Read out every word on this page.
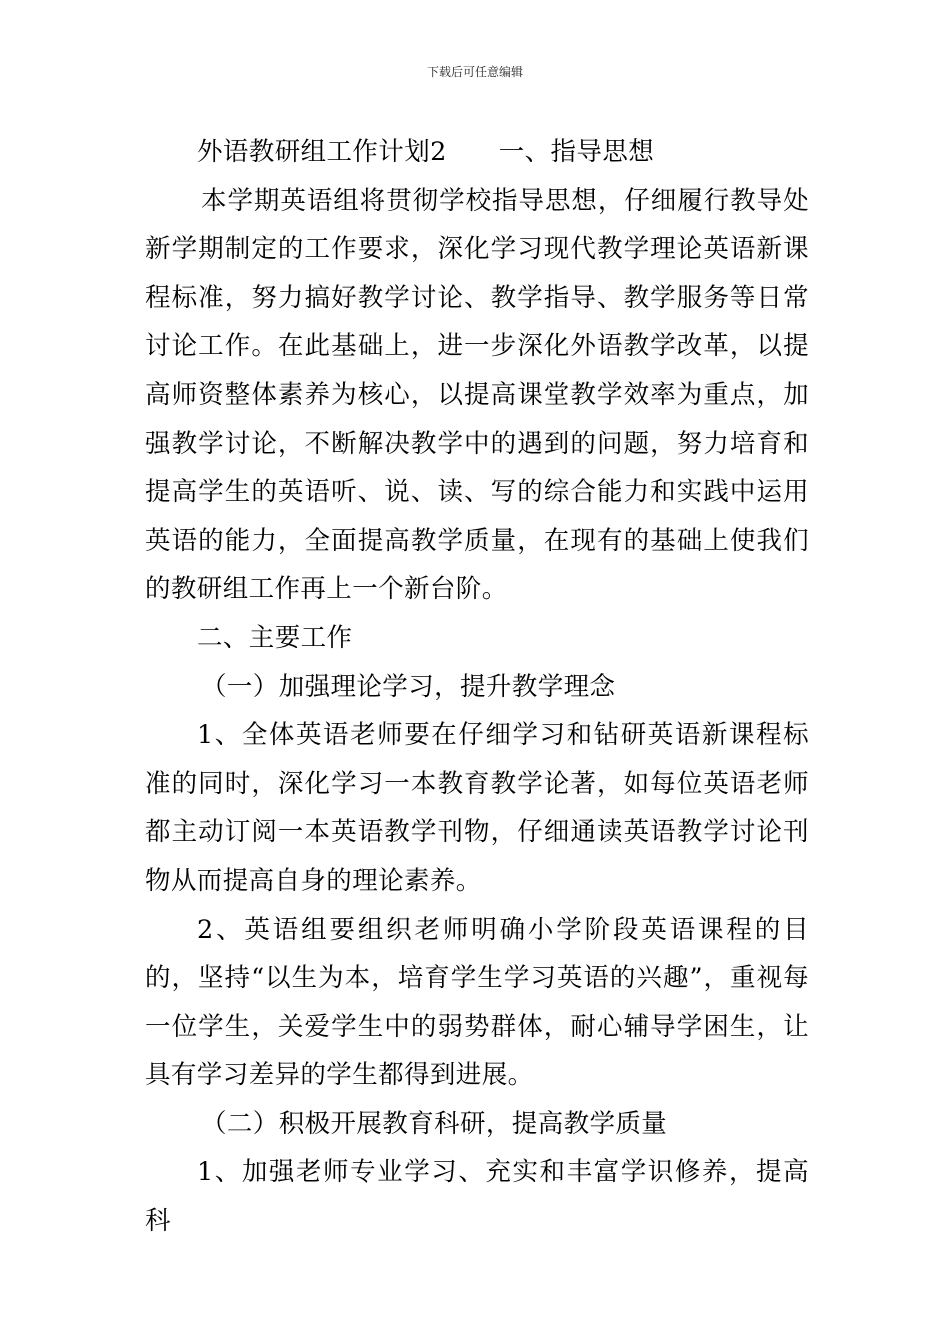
下载后可任意编辑

外语教研组工作计划2 一、指导思想

本学期英语组将贯彻学校指导思想，仔细履行教导处新学期制定的工作要求，深化学习现代教学理论英语新课程标准，努力搞好教学讨论、教学指导、教学服务等日常讨论工作。在此基础上，进一步深化外语教学改革，以提高师资整体素养为核心，以提高课堂教学效率为重点，加强教学讨论，不断解决教学中的遇到的问题，努力培育和提高学生的英语听、说、读、写的综合能力和实践中运用英语的能力，全面提高教学质量，在现有的基础上使我们的教研组工作再上一个新台阶。

二、主要工作

（一）加强理论学习，提升教学理念

1、全体英语老师要在仔细学习和钻研英语新课程标准的同时，深化学习一本教育教学论著，如每位英语老师都主动订阅一本英语教学刊物，仔细通读英语教学讨论刊物从而提高自身的理论素养。

2、英语组要组织老师明确小学阶段英语课程的目的，坚持“以生为本，培育学生学习英语的兴趣”，重视每一位学生，关爱学生中的弱势群体，耐心辅导学困生，让具有学习差异的学生都得到进展。

（二）积极开展教育科研，提高教学质量

1、加强老师专业学习、充实和丰富学识修养，提高科
